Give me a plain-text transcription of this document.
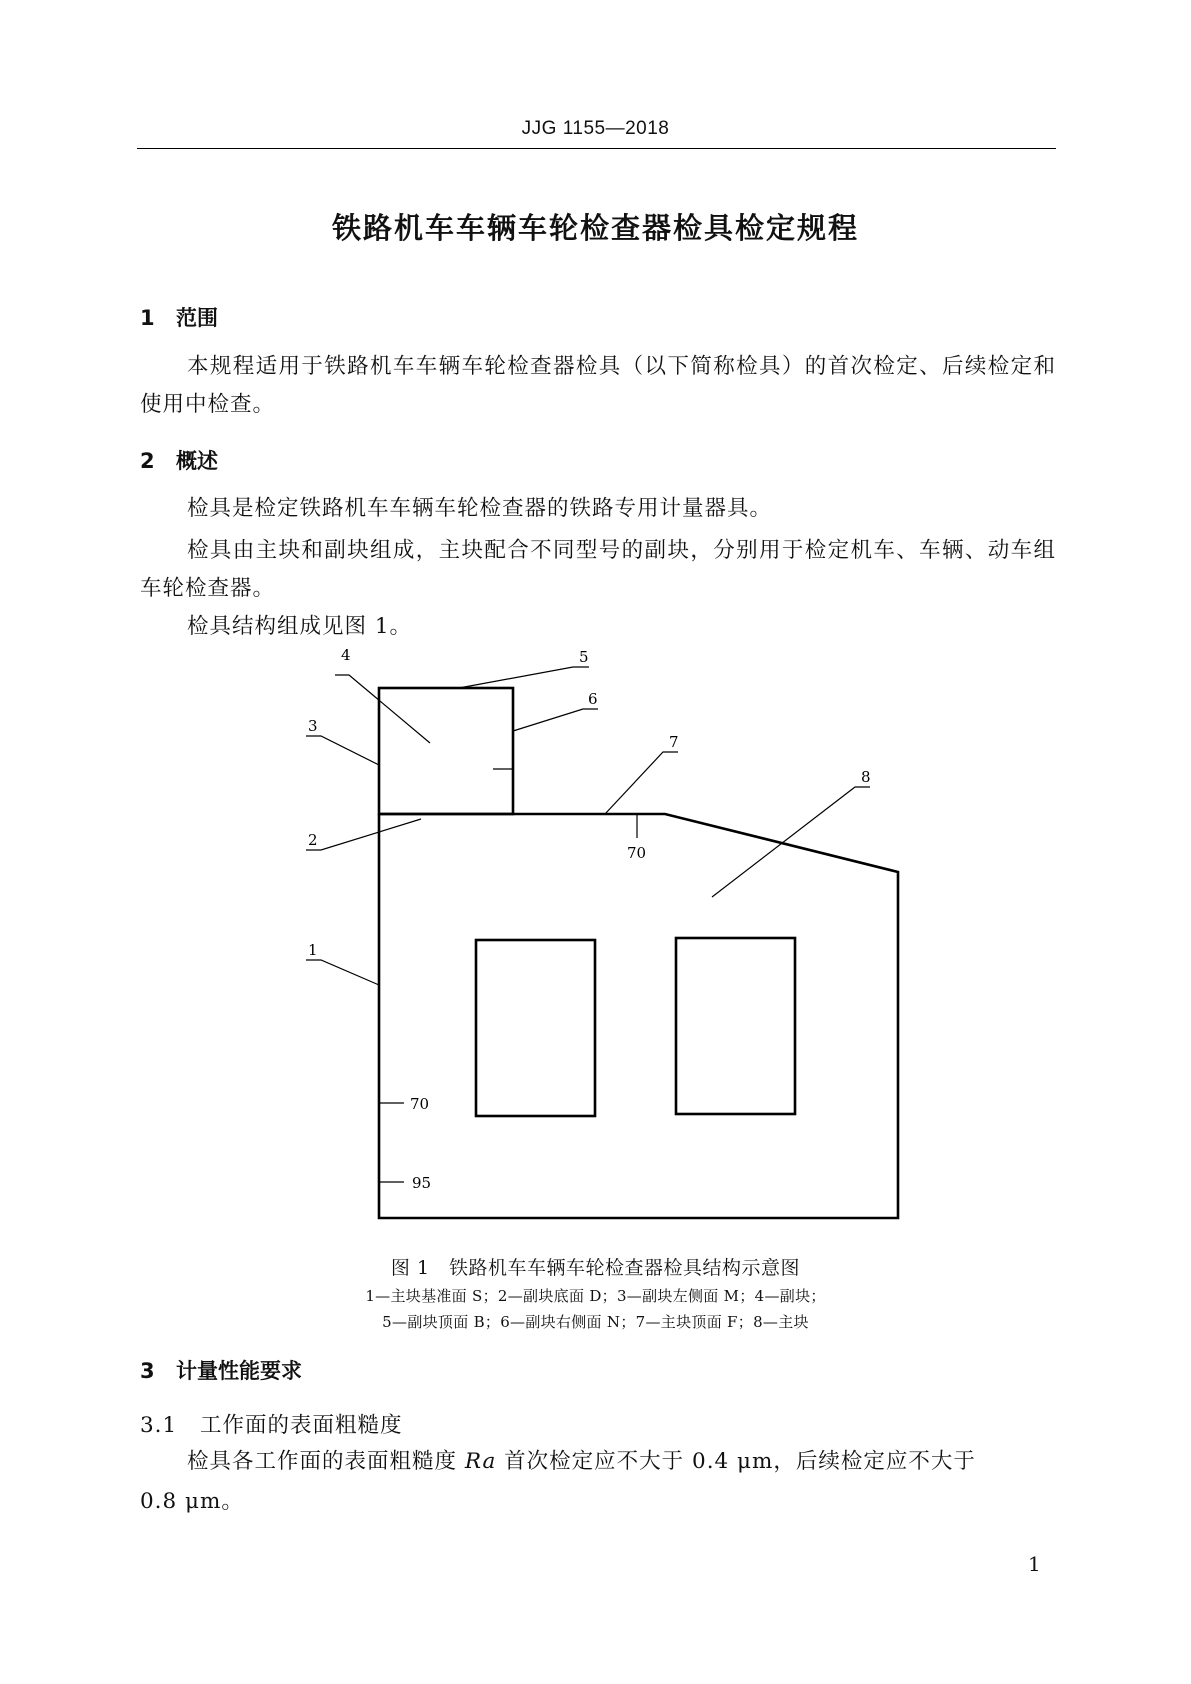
JJG 1155—2018
铁路机车车辆车轮检查器检具检定规程
1 范围
本规程适用于铁路机车车辆车轮检查器检具（以下简称检具）的首次检定、后续检定和使用中检查。
2 概述
检具是检定铁路机车车辆车轮检查器的铁路专用计量器具。
检具由主块和副块组成，主块配合不同型号的副块，分别用于检定机车、车辆、动车组车轮检查器。
检具结构组成见图 1。
1
2
3
4	5
6
7
8
70
70
95
图 1　铁路机车车辆车轮检查器检具结构示意图
1—主块基准面 S；2—副块底面 D；3—副块左侧面 M；4—副块；
5—副块顶面 B；6—副块右侧面 N；7—主块顶面 F；8—主块
3 计量性能要求
3.1 工作面的表面粗糙度
检具各工作面的表面粗糙度 Ra 首次检定应不大于 0.4 μm，后续检定应不大于
0.8 μm。
1
